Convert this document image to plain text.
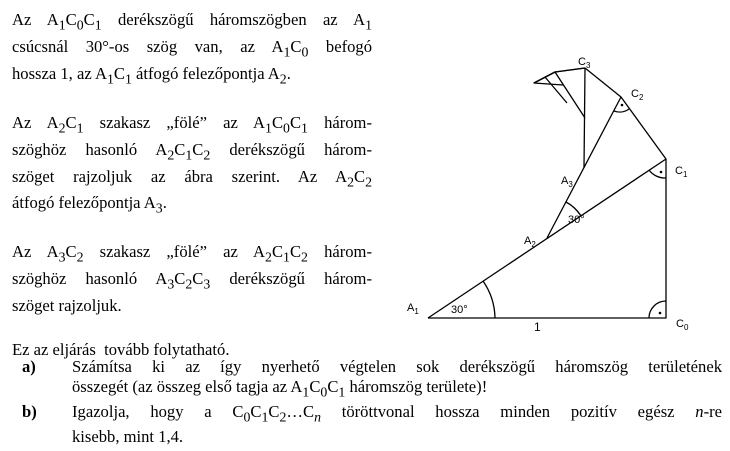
Az $A_1C_0C_1$ derékszögű háromszögben az $A_1$
csúcsnál 30°-os szög van, az $A_1C_0$ befogó
hossza 1, az $A_1C_1$ átfogó felezőpontja $A_2$.

Az $A_2C_1$ szakasz „fölé” az $A_1C_0C_1$ három-
szöghöz hasonló $A_2C_1C_2$ derékszögű három-
szöget rajzoljuk az ábra szerint. Az $A_2C_2$
átfogó felezőpontja $A_3$.

Az $A_3C_2$ szakasz „fölé” az $A_2C_1C_2$ három-
szöghöz hasonló $A_3C_2C_3$ derékszögű három-
szöget rajzoljuk.

Ez az eljárás  tovább folytatható.

$A_1$
$A_2$
$A_3$
$C_0$
$C_1$
$C_2$
$C_3$
30°
30°
1
a)	Számítsa ki az így nyerhető végtelen sok derékszögű háromszög területének
összegét (az összeg első tagja az $A_1C_0C_1$ háromszög területe)!
b)	Igazolja, hogy a $C_0C_1C_2\dots C_n$ töröttvonal hossza minden pozitív egész n-re
kisebb, mint 1,4.
